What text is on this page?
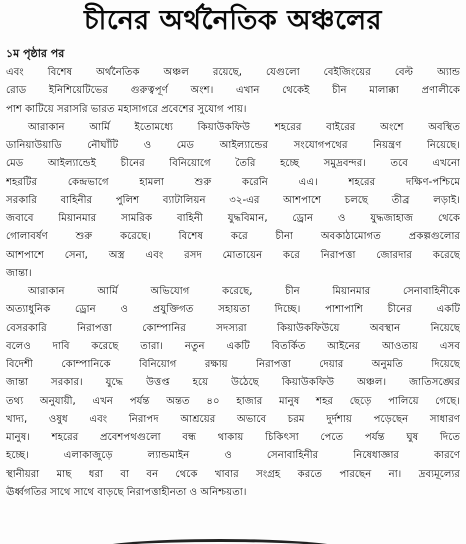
চীনের অর্থনৈতিক অঞ্চলের
১ম পৃষ্ঠার পর

এবং বিশেষ অর্থনৈতিক অঞ্চল রয়েছে, যেগুলো বেইজিংয়ের বেল্ট অ্যান্ড
রোড ইনিশিয়েটিভের গুরুত্বপূর্ণ অংশ। এখান থেকেই চীন মালাক্কা প্রণালীকে
পাশ কাটিয়ে সরাসরি ভারত মহাসাগরে প্রবেশের সুযোগ পায়।

আরাকান আর্মি ইতোমধ্যে কিয়াউকফিউ শহরের বাইরের অংশে অবস্থিত
ডানিয়াউয়াডি নৌঘাঁটি ও মেড আইল্যান্ডের সংযোগপথের নিয়ন্ত্রণ নিয়েছে।
মেড আইল্যান্ডেই চীনের বিনিয়োগে তৈরি হচ্ছে সমুদ্রবন্দর। তবে এখনো
শহরটির কেন্দ্রভাগে হামলা শুরু করেনি এএ। শহরের দক্ষিণ-পশ্চিমে
সরকারি বাহিনীর পুলিশ ব্যাটালিয়ন ৩২-এর আশপাশে চলছে তীব্র লড়াই।
জবাবে মিয়ানমার সামরিক বাহিনী যুদ্ধবিমান, ড্রোন ও যুদ্ধজাহাজ থেকে
গোলাবর্ষণ শুরু করেছে। বিশেষ করে চীনা অবকাঠামোগত প্রকল্পগুলোর
আশপাশে সেনা, অস্ত্র এবং রসদ মোতায়েন করে নিরাপত্তা জোরদার করেছে
জান্তা।

আরাকান আর্মি অভিযোগ করেছে, চীন মিয়ানমার সেনাবাহিনীকে
অত্যাধুনিক ড্রোন ও প্রযুক্তিগত সহায়তা দিচ্ছে। পাশাপাশি চীনের একটি
বেসরকারি নিরাপত্তা কোম্পানির সদস্যরা কিয়াউকফিউয়ে অবস্থান নিয়েছে
বলেও দাবি করেছে তারা। নতুন একটি বিতর্কিত আইনের আওতায় এসব
বিদেশী কোম্পানিকে বিনিয়োগ রক্ষায় নিরাপত্তা দেয়ার অনুমতি দিয়েছে
জান্তা সরকার। যুদ্ধে উত্তপ্ত হয়ে উঠেছে কিয়াউকফিউ অঞ্চল। জাতিসঙ্ঘের
তথ্য অনুযায়ী, এখন পর্যন্ত অন্তত ৪০ হাজার মানুষ শহর ছেড়ে পালিয়ে গেছে।
খাদ্য, ওষুধ এবং নিরাপদ আশ্রয়ের অভাবে চরম দুর্দশায় পড়েছেন সাধারণ
মানুষ। শহরের প্রবেশপথগুলো বন্ধ থাকায় চিকিৎসা পেতে পর্যন্ত ঘুষ দিতে
হচ্ছে। এলাকাজুড়ে ল্যান্ডমাইন ও সেনাবাহিনীর নিষেধাজ্ঞার কারণে
স্থানীয়রা মাছ ধরা বা বন থেকে খাবার সংগ্রহ করতে পারছেন না। দ্রব্যমূল্যের
ঊর্ধ্বগতির সাথে সাথে বাড়ছে নিরাপত্তাহীনতা ও অনিশ্চয়তা।
